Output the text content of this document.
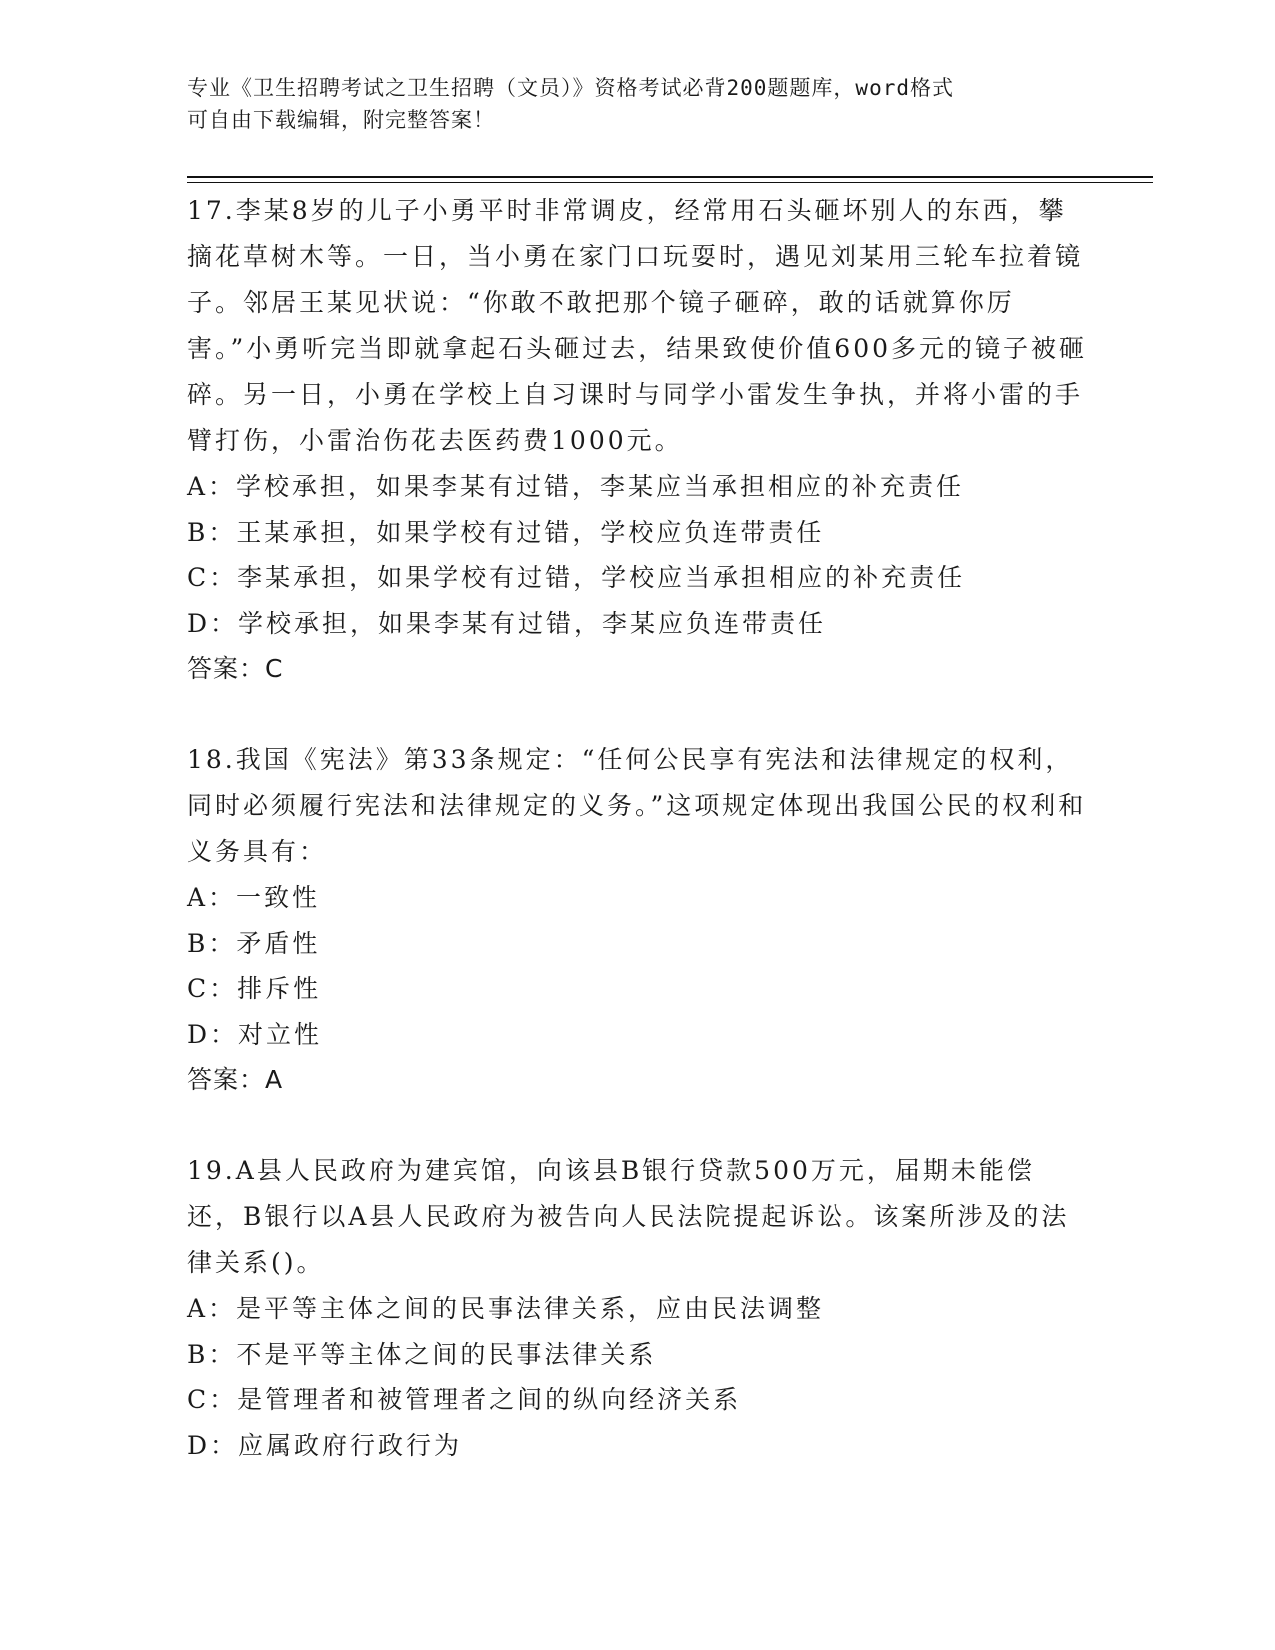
专业《卫生招聘考试之卫生招聘（文员）》资格考试必背200题题库，word格式
可自由下载编辑，附完整答案！

17.李某8岁的儿子小勇平时非常调皮，经常用石头砸坏别人的东西，攀摘花草树木等。一日，当小勇在家门口玩耍时，遇见刘某用三轮车拉着镜子。邻居王某见状说：“你敢不敢把那个镜子砸碎，敢的话就算你厉害。”小勇听完当即就拿起石头砸过去，结果致使价值600多元的镜子被砸碎。另一日，小勇在学校上自习课时与同学小雷发生争执，并将小雷的手臂打伤，小雷治伤花去医药费1000元。

A：学校承担，如果李某有过错，李某应当承担相应的补充责任

B：王某承担，如果学校有过错，学校应负连带责任

C：李某承担，如果学校有过错，学校应当承担相应的补充责任

D：学校承担，如果李某有过错，李某应负连带责任

答案：C

18.我国《宪法》第33条规定：“任何公民享有宪法和法律规定的权利，同时必须履行宪法和法律规定的义务。”这项规定体现出我国公民的权利和义务具有：

A：一致性

B：矛盾性

C：排斥性

D：对立性

答案：A

19.A县人民政府为建宾馆，向该县B银行贷款500万元，届期未能偿还，B银行以A县人民政府为被告向人民法院提起诉讼。该案所涉及的法律关系()。

A：是平等主体之间的民事法律关系，应由民法调整

B：不是平等主体之间的民事法律关系

C：是管理者和被管理者之间的纵向经济关系

D：应属政府行政行为
